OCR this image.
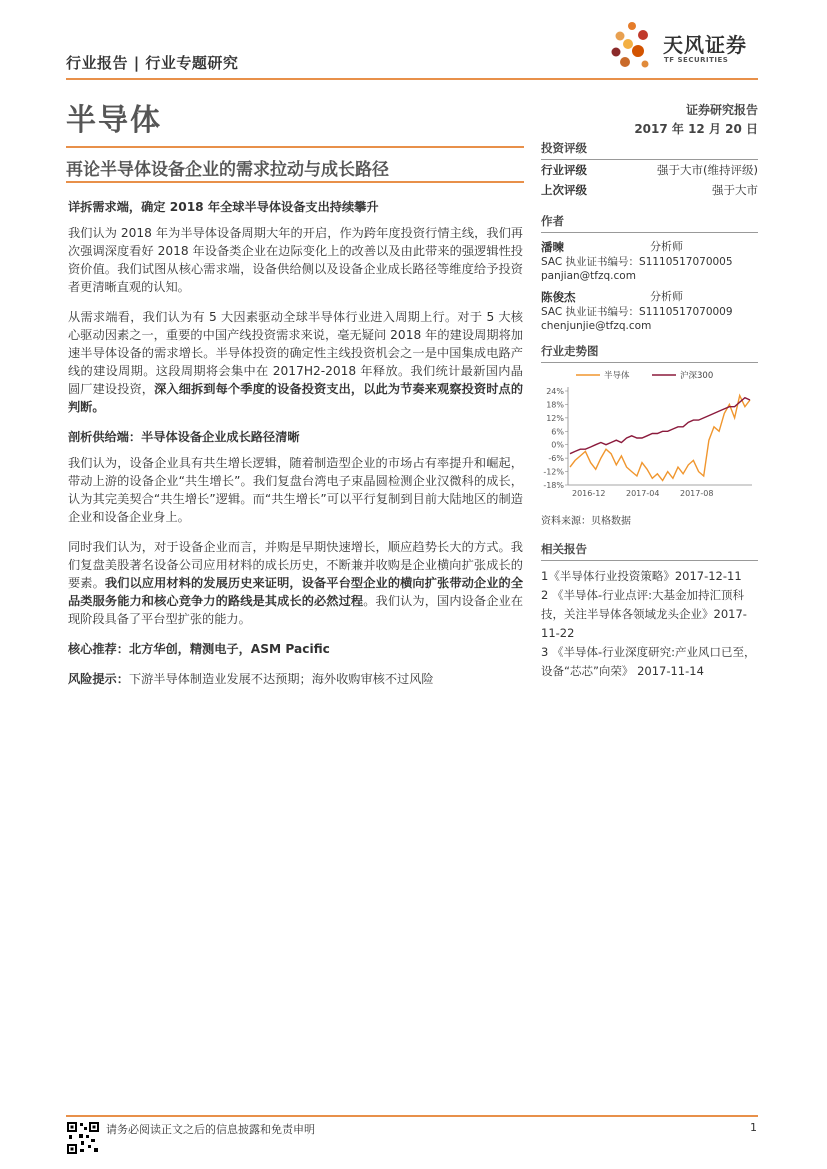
行业报告 | 行业专题研究
天风证券
TF SECURITIES
半导体	证券研究报告
2017 年 12 月 20 日
再论半导体设备企业的需求拉动与成长路径
详拆需求端，确定 2018 年全球半导体设备支出持续攀升

我们认为 2018 年为半导体设备周期大年的开启，作为跨年度投资行情主线，我们再次强调深度看好 2018 年设备类企业在边际变化上的改善以及由此带来的强逻辑性投资价值。我们试图从核心需求端，设备供给侧以及设备企业成长路径等维度给予投资者更清晰直观的认知。

从需求端看，我们认为有 5 大因素驱动全球半导体行业进入周期上行。对于 5 大核心驱动因素之一，重要的中国产线投资需求来说，毫无疑问 2018 年的建设周期将加速半导体设备的需求增长。半导体投资的确定性主线投资机会之一是中国集成电路产线的建设周期。这段周期将会集中在 2017H2-2018 年释放。我们统计最新国内晶圆厂建设投资，深入细拆到每个季度的设备投资支出，以此为节奏来观察投资时点的判断。

剖析供给端：半导体设备企业成长路径清晰

我们认为，设备企业具有共生增长逻辑，随着制造型企业的市场占有率提升和崛起，带动上游的设备企业“共生增长”。我们复盘台湾电子束晶圆检测企业汉微科的成长，认为其完美契合“共生增长”逻辑。而“共生增长”可以平行复制到目前大陆地区的制造企业和设备企业身上。

同时我们认为，对于设备企业而言，并购是早期快速增长，顺应趋势长大的方式。我们复盘美股著名设备公司应用材料的成长历史，不断兼并收购是企业横向扩张成长的要素。我们以应用材料的发展历史来证明，设备平台型企业的横向扩张带动企业的全品类服务能力和核心竞争力的路线是其成长的必然过程。我们认为，国内设备企业在现阶段具备了平台型扩张的能力。

核心推荐：北方华创，精测电子，ASM Pacific
风险提示：下游半导体制造业发展不达预期；海外收购审核不过风险
投资评级
行业评级	强于大市(维持评级)
上次评级	强于大市
作者
潘暕	分析师
SAC 执业证书编号：S1110517070005
panjian@tfzq.com
陈俊杰	分析师
SAC 执业证书编号：S1110517070009
chenjunjie@tfzq.com
行业走势图
24%
18%
12%
6%
0%
-6%
-12%
-18%
2016-12	2017-04	2017-08
半导体	沪深300
资料来源：贝格数据
相关报告
1《半导体行业投资策略》2017-12-11
2 《半导体-行业点评:大基金加持汇顶科技，关注半导体各领域龙头企业》2017-11-22
3 《半导体-行业深度研究:产业风口已至，设备“芯芯”向荣》 2017-11-14
请务必阅读正文之后的信息披露和免责申明	1
